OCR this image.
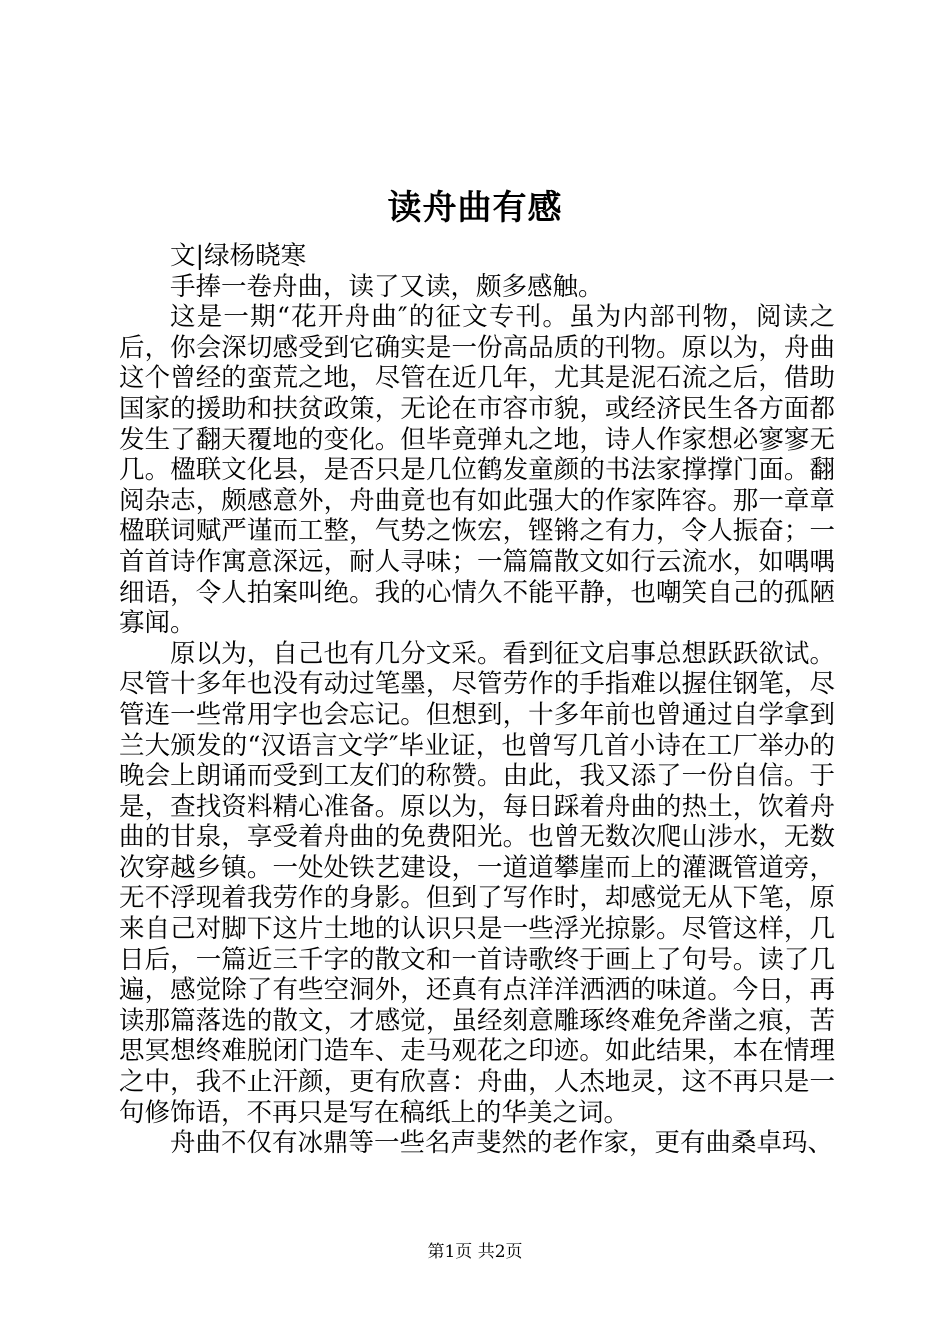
读舟曲有感
文|绿杨晓寒

手捧一卷舟曲，读了又读，颇多感触。

这是一期“花开舟曲″的征文专刊。虽为内部刊物，阅读之后，你会深切感受到它确实是一份高品质的刊物。原以为，舟曲这个曾经的蛮荒之地，尽管在近几年，尤其是泥石流之后，借助国家的援助和扶贫政策，无论在市容市貌，或经济民生各方面都发生了翻天覆地的变化。但毕竟弹丸之地，诗人作家想必寥寥无几。楹联文化县，是否只是几位鹤发童颜的书法家撑撑门面。翻阅杂志，颇感意外，舟曲竟也有如此强大的作家阵容。那一章章楹联词赋严谨而工整，气势之恢宏，铿锵之有力，令人振奋；一首首诗作寓意深远，耐人寻味；一篇篇散文如行云流水，如喁喁细语，令人拍案叫绝。我的心情久不能平静，也嘲笑自己的孤陋寡闻。

原以为，自己也有几分文采。看到征文启事总想跃跃欲试。尽管十多年也没有动过笔墨，尽管劳作的手指难以握住钢笔，尽管连一些常用字也会忘记。但想到，十多年前也曾通过自学拿到兰大颁发的“汉语言文学″毕业证，也曾写几首小诗在工厂举办的晚会上朗诵而受到工友们的称赞。由此，我又添了一份自信。于是，查找资料精心准备。原以为，每日踩着舟曲的热土，饮着舟曲的甘泉，享受着舟曲的免费阳光。也曾无数次爬山涉水，无数次穿越乡镇。一处处铁艺建设，一道道攀崖而上的灌溉管道旁，无不浮现着我劳作的身影。但到了写作时，却感觉无从下笔，原来自己对脚下这片土地的认识只是一些浮光掠影。尽管这样，几日后，一篇近三千字的散文和一首诗歌终于画上了句号。读了几遍，感觉除了有些空洞外，还真有点洋洋洒洒的味道。今日，再读那篇落选的散文，才感觉，虽经刻意雕琢终难免斧凿之痕，苦思冥想终难脱闭门造车、走马观花之印迹。如此结果，本在情理之中，我不止汗颜，更有欣喜：舟曲，人杰地灵，这不再只是一句修饰语，不再只是写在稿纸上的华美之词。

舟曲不仅有冰鼎等一些名声斐然的老作家，更有曲桑卓玛、

第1页 共2页
